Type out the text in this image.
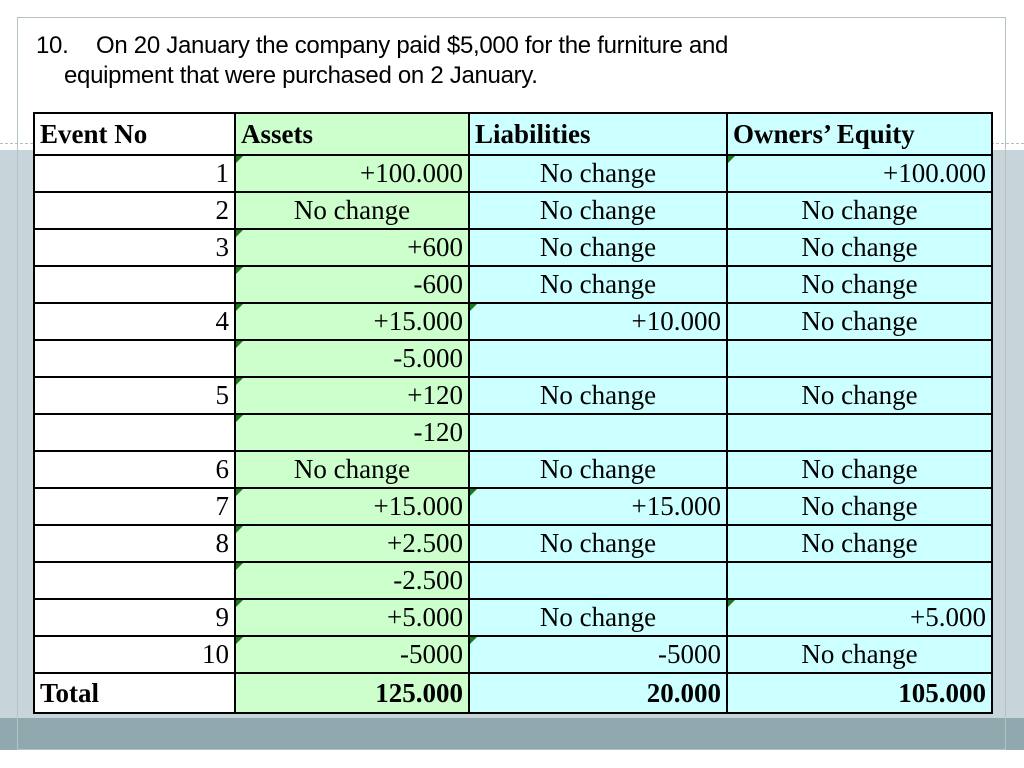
10. On 20 January the company paid $5,000 for the furniture and
equipment that were purchased on 2 January.
Event No	Assets	Liabilities	Owners’ Equity
1	+100.000	No change	+100.000
2	No change	No change	No change
3	+600	No change	No change
	-600	No change	No change
4	+15.000	+10.000	No change
	-5.000		
5	+120	No change	No change
	-120		
6	No change	No change	No change
7	+15.000	+15.000	No change
8	+2.500	No change	No change
	-2.500		
9	+5.000	No change	+5.000
10	-5000	-5000	No change
Total	125.000	20.000	105.000
